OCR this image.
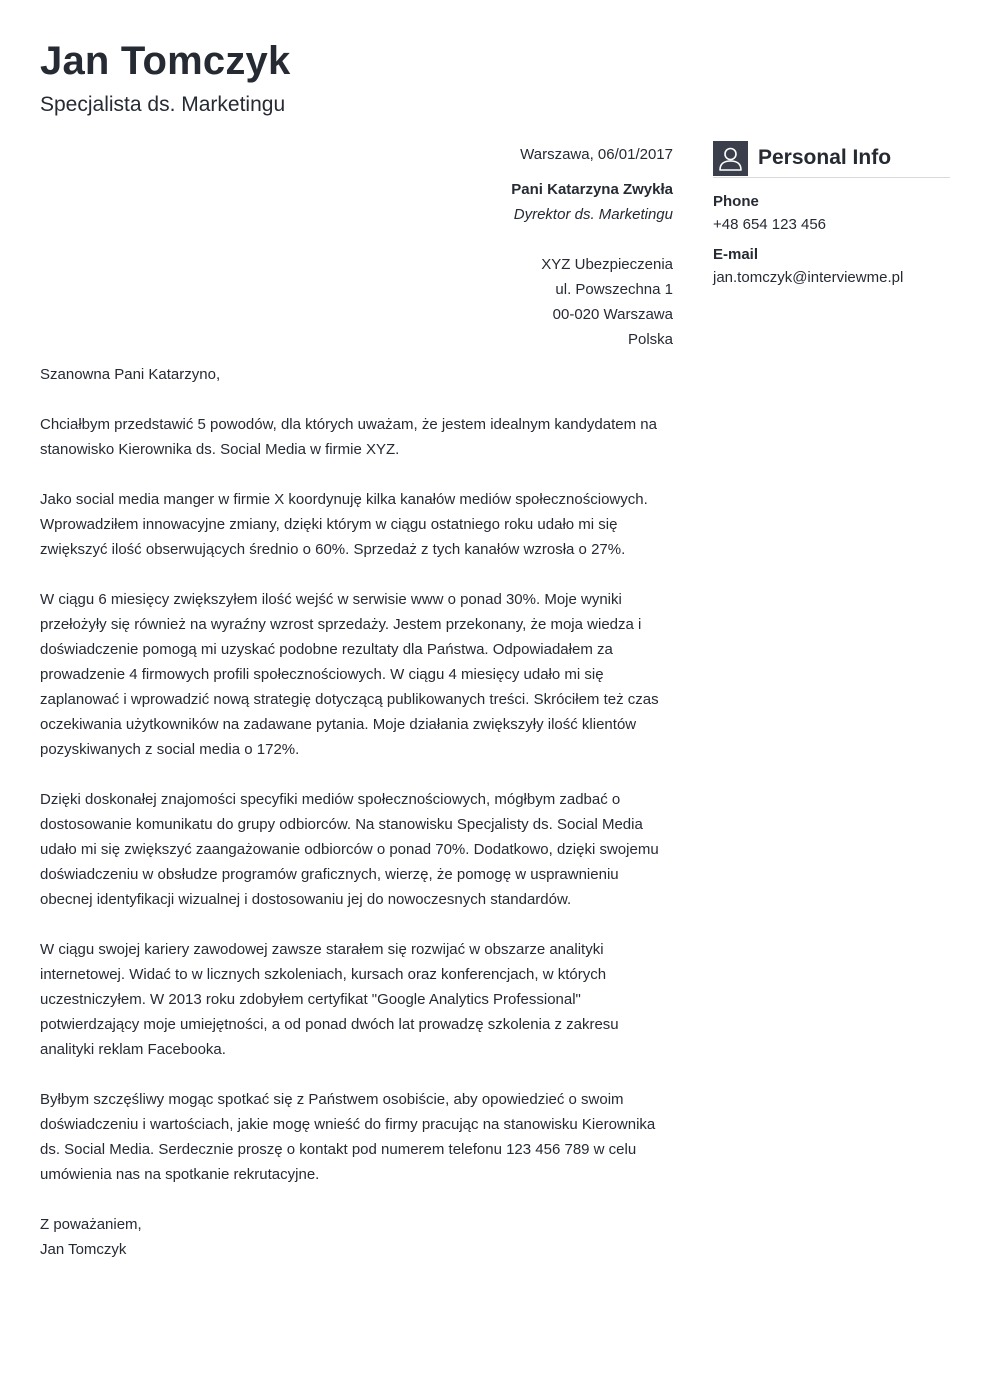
Jan Tomczyk
Specjalista ds. Marketingu
Warszawa, 06/01/2017
Pani Katarzyna Zwykła
Dyrektor ds. Marketingu
XYZ Ubezpieczenia
ul. Powszechna 1
00-020 Warszawa
Polska
Szanowna Pani Katarzyno,

Chciałbym przedstawić 5 powodów, dla których uważam, że jestem idealnym kandydatem na stanowisko Kierownika ds. Social Media w firmie XYZ.

Jako social media manger w firmie X koordynuję kilka kanałów mediów społecznościowych. Wprowadziłem innowacyjne zmiany, dzięki którym w ciągu ostatniego roku udało mi się zwiększyć ilość obserwujących średnio o 60%. Sprzedaż z tych kanałów wzrosła o 27%.

W ciągu 6 miesięcy zwiększyłem ilość wejść w serwisie www o ponad 30%. Moje wyniki przełożyły się również na wyraźny wzrost sprzedaży. Jestem przekonany, że moja wiedza i doświadczenie pomogą mi uzyskać podobne rezultaty dla Państwa. Odpowiadałem za prowadzenie 4 firmowych profili społecznościowych. W ciągu 4 miesięcy udało mi się zaplanować i wprowadzić nową strategię dotyczącą publikowanych treści. Skróciłem też czas oczekiwania użytkowników na zadawane pytania. Moje działania zwiększyły ilość klientów pozyskiwanych z social media o 172%.

Dzięki doskonałej znajomości specyfiki mediów społecznościowych, mógłbym zadbać o dostosowanie komunikatu do grupy odbiorców. Na stanowisku Specjalisty ds. Social Media udało mi się zwiększyć zaangażowanie odbiorców o ponad 70%. Dodatkowo, dzięki swojemu doświadczeniu w obsłudze programów graficznych, wierzę, że pomogę w usprawnieniu obecnej identyfikacji wizualnej i dostosowaniu jej do nowoczesnych standardów.

W ciągu swojej kariery zawodowej zawsze starałem się rozwijać w obszarze analityki internetowej. Widać to w licznych szkoleniach, kursach oraz konferencjach, w których uczestniczyłem. W 2013 roku zdobyłem certyfikat "Google Analytics Professional" potwierdzający moje umiejętności, a od ponad dwóch lat prowadzę szkolenia z zakresu analityki reklam Facebooka.

Byłbym szczęśliwy mogąc spotkać się z Państwem osobiście, aby opowiedzieć o swoim doświadczeniu i wartościach, jakie mogę wnieść do firmy pracując na stanowisku Kierownika ds. Social Media. Serdecznie proszę o kontakt pod numerem telefonu 123 456 789 w celu umówienia nas na spotkanie rekrutacyjne.

Z poważaniem,
Jan Tomczyk
Personal Info
Phone
+48 654 123 456
E-mail
jan.tomczyk@interviewme.pl
